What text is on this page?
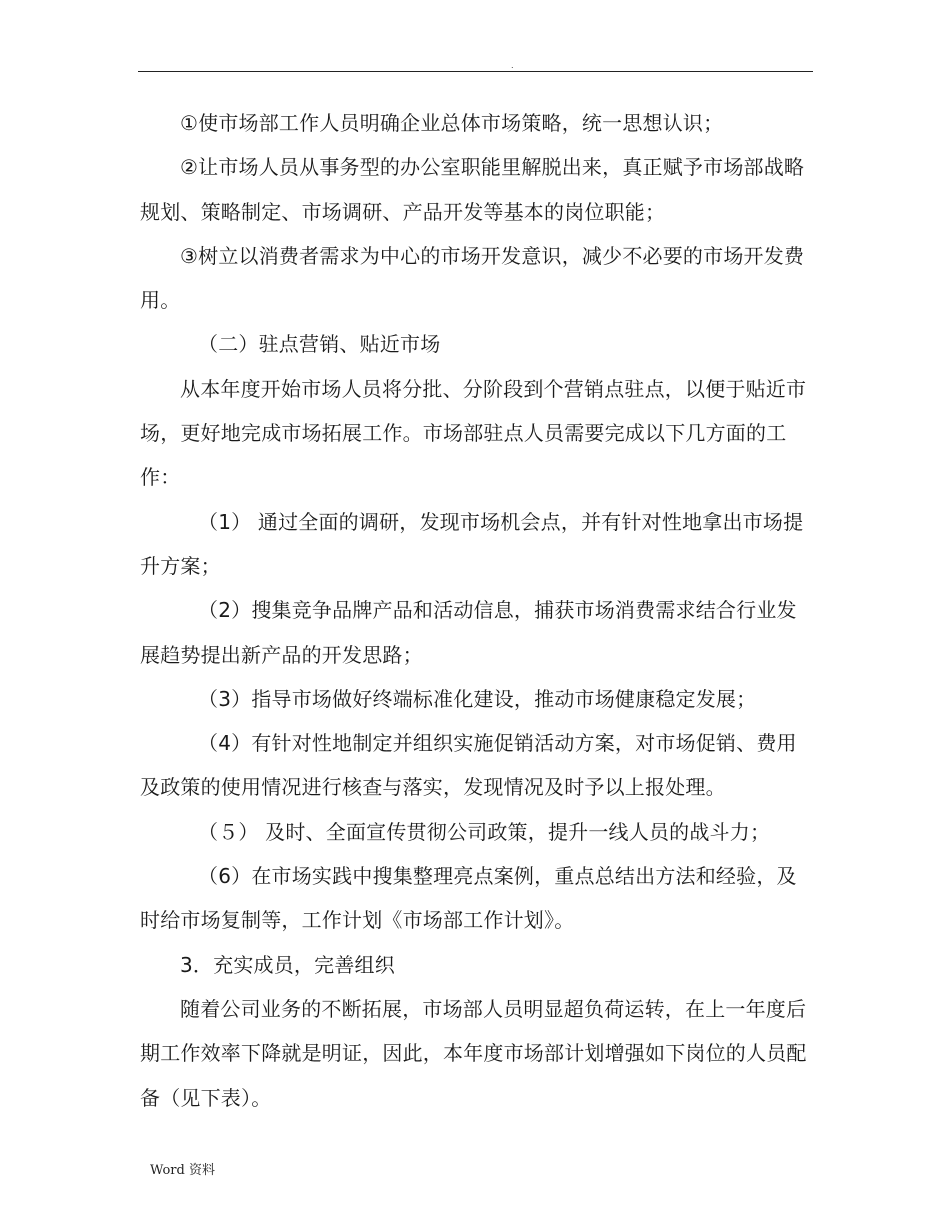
.

①使市场部工作人员明确企业总体市场策略，统一思想认识；

②让市场人员从事务型的办公室职能里解脱出来，真正赋予市场部战略规划、策略制定、市场调研、产品开发等基本的岗位职能；

③树立以消费者需求为中心的市场开发意识，减少不必要的市场开发费用。

（二）驻点营销、贴近市场

从本年度开始市场人员将分批、分阶段到个营销点驻点，以便于贴近市场，更好地完成市场拓展工作。市场部驻点人员需要完成以下几方面的工作：

（1） 通过全面的调研，发现市场机会点，并有针对性地拿出市场提升方案；

（2）搜集竞争品牌产品和活动信息，捕获市场消费需求结合行业发展趋势提出新产品的开发思路；

（3）指导市场做好终端标准化建设，推动市场健康稳定发展；

（4）有针对性地制定并组织实施促销活动方案，对市场促销、费用及政策的使用情况进行核查与落实，发现情况及时予以上报处理。

（５） 及时、全面宣传贯彻公司政策，提升一线人员的战斗力；

（6）在市场实践中搜集整理亮点案例，重点总结出方法和经验，及时给市场复制等，工作计划《市场部工作计划》。

3．充实成员，完善组织

随着公司业务的不断拓展，市场部人员明显超负荷运转，在上一年度后期工作效率下降就是明证，因此，本年度市场部计划增强如下岗位的人员配备（见下表）。

Word 资料
